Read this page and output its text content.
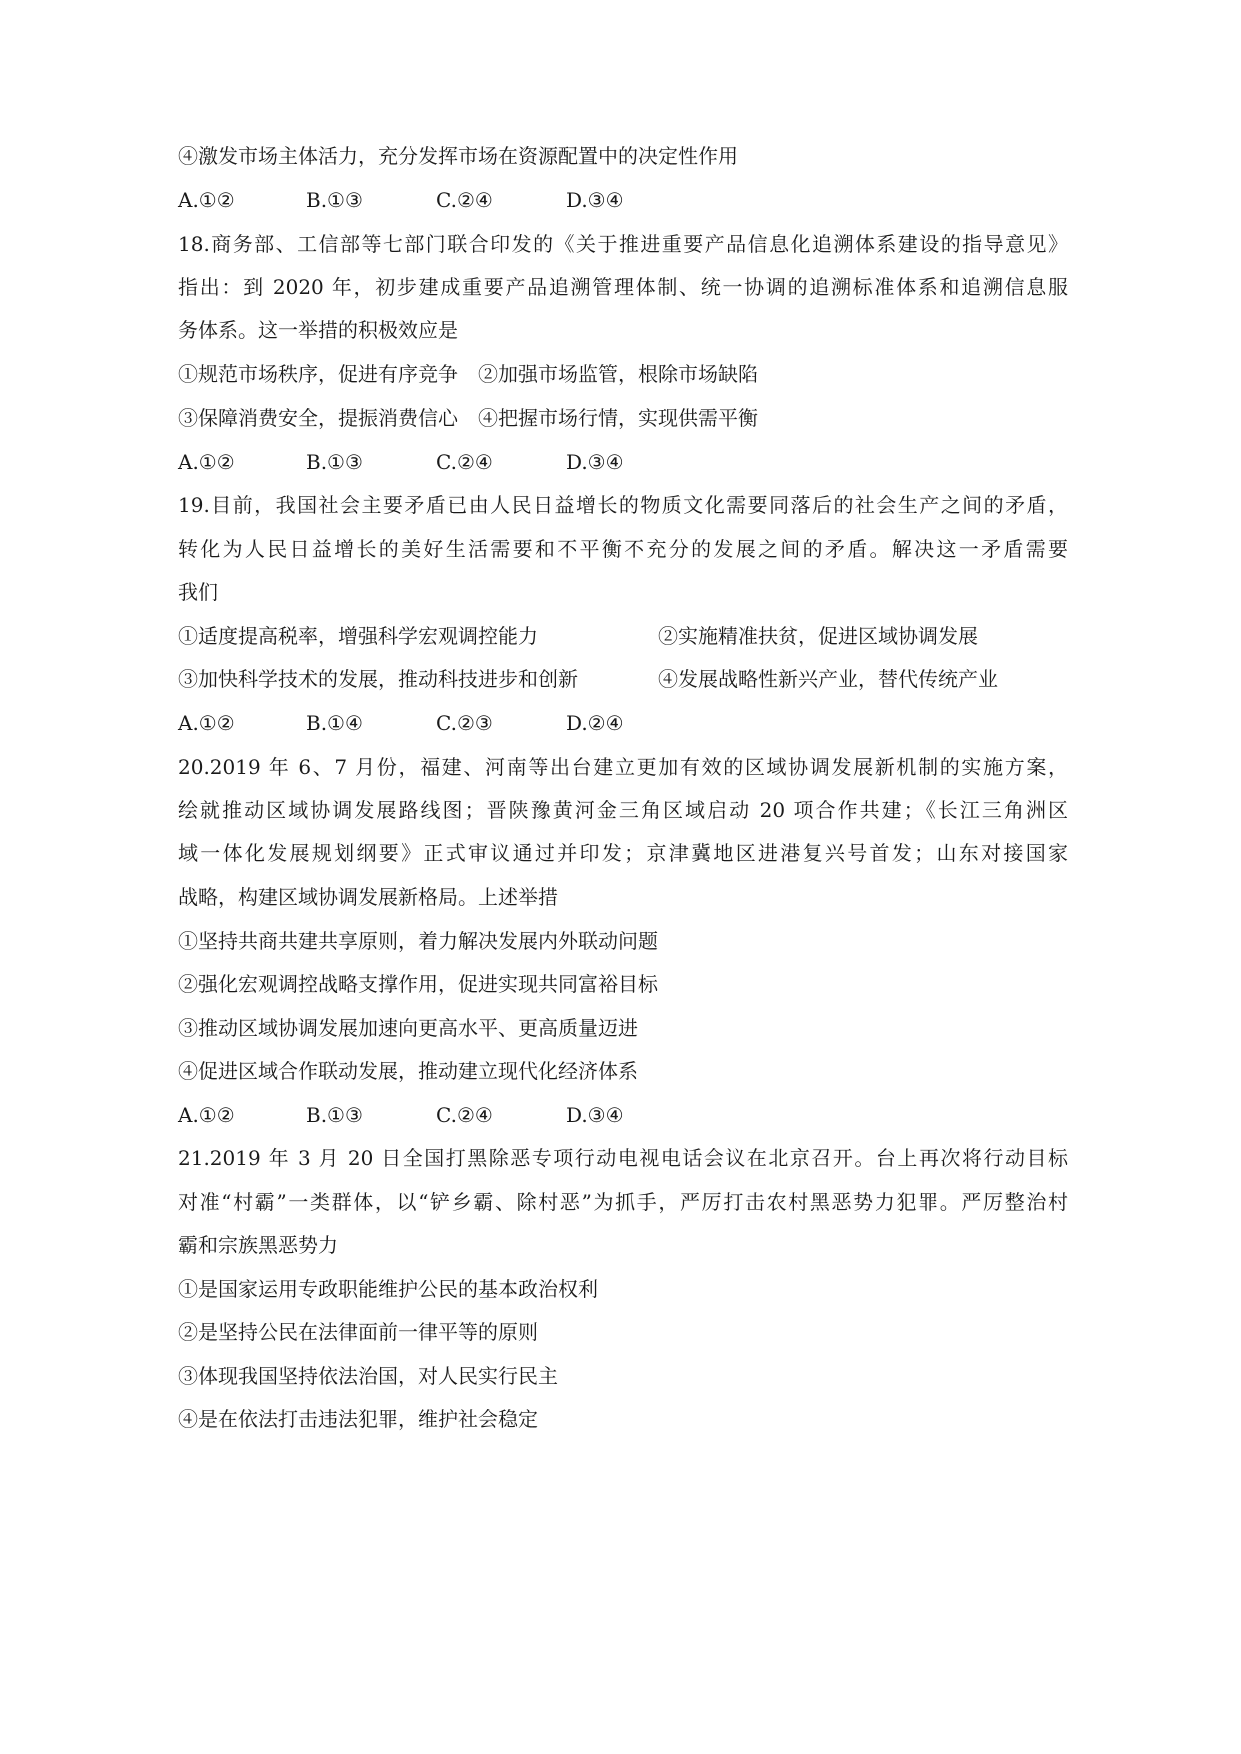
④激发市场主体活力，充分发挥市场在资源配置中的决定性作用
A.①②	B.①③	C.②④	D.③④
18.商务部、工信部等七部门联合印发的《关于推进重要产品信息化追溯体系建设的指导意见》
指出：到 2020 年，初步建成重要产品追溯管理体制、统一协调的追溯标准体系和追溯信息服
务体系。这一举措的积极效应是
①规范市场秩序，促进有序竞争　 ②加强市场监管，根除市场缺陷
③保障消费安全，提振消费信心　 ④把握市场行情，实现供需平衡
A.①②	B.①③	C.②④	D.③④
19.目前，我国社会主要矛盾已由人民日益增长的物质文化需要同落后的社会生产之间的矛盾，
转化为人民日益增长的美好生活需要和不平衡不充分的发展之间的矛盾。解决这一矛盾需要
我们
①适度提高税率，增强科学宏观调控能力	②实施精准扶贫，促进区域协调发展
③加快科学技术的发展，推动科技进步和创新	④发展战略性新兴产业，替代传统产业
A.①②	B.①④	C.②③	D.②④
20.2019 年 6、7 月份，福建、河南等出台建立更加有效的区域协调发展新机制的实施方案，
绘就推动区域协调发展路线图；晋陕豫黄河金三角区域启动 20 项合作共建；《长江三角洲区
域一体化发展规划纲要》正式审议通过并印发；京津冀地区进港复兴号首发；山东对接国家
战略，构建区域协调发展新格局。上述举措
①坚持共商共建共享原则，着力解决发展内外联动问题
②强化宏观调控战略支撑作用，促进实现共同富裕目标
③推动区域协调发展加速向更高水平、更高质量迈进
④促进区域合作联动发展，推动建立现代化经济体系
A.①②	B.①③	C.②④	D.③④
21.2019 年 3 月 20 日全国打黑除恶专项行动电视电话会议在北京召开。台上再次将行动目标
对准“村霸”一类群体，以“铲乡霸、除村恶”为抓手，严厉打击农村黑恶势力犯罪。严厉整治村
霸和宗族黑恶势力
①是国家运用专政职能维护公民的基本政治权利
②是坚持公民在法律面前一律平等的原则
③体现我国坚持依法治国，对人民实行民主
④是在依法打击违法犯罪，维护社会稳定
